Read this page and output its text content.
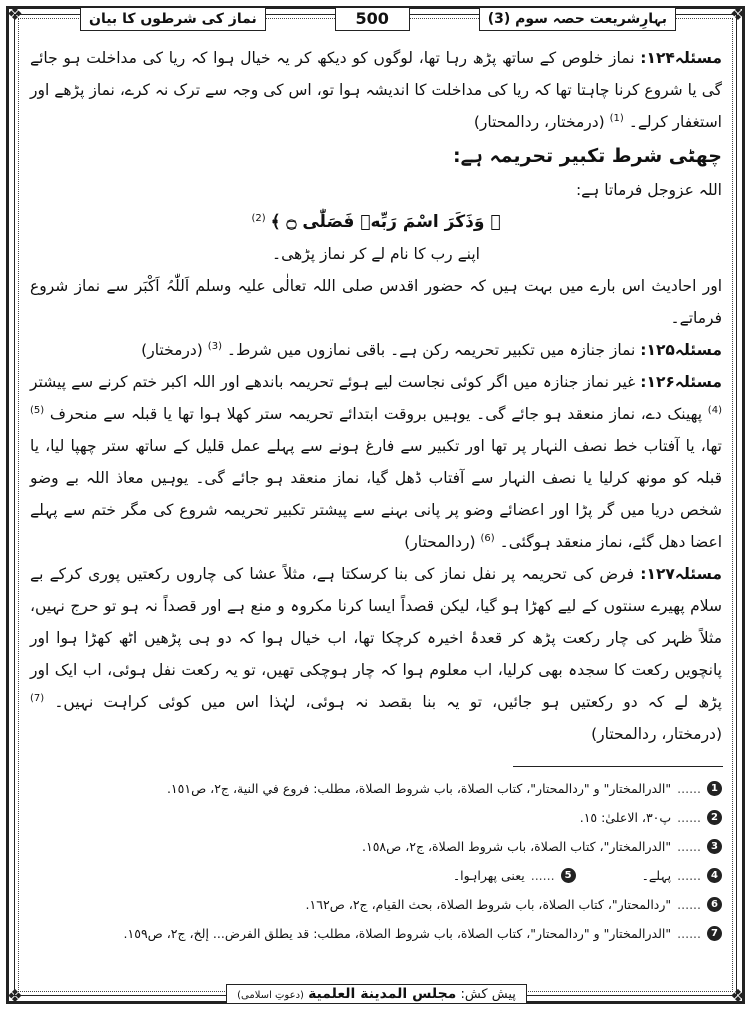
❖	❖
❖	❖
بہارِشریعت حصہ سوم (3)
500
نماز کی شرطوں کا بیان

مسئلہ۱۲۴: نماز خلوص کے ساتھ پڑھ رہا تھا، لوگوں کو دیکھ کر یہ خیال ہوا کہ ریا کی مداخلت ہو جائے گی یا شروع کرنا چاہتا تھا کہ ریا کی مداخلت کا اندیشہ ہوا تو، اس کی وجہ سے ترک نہ کرے، نماز پڑھے اور استغفار کرلے۔ $^{(1)}$ (درمختار، ردالمحتار)

چھٹی شرط تکبیر تحریمہ ہے:

اللہ عزوجل فرماتا ہے:

﴿ وَذَكَرَ اسْمَ رَبِّهٖ فَصَلّٰى ۝ ﴾ $^{(2)}$

اپنے رب کا نام لے کر نماز پڑھی۔

اور احادیث اس بارے میں بہت ہیں کہ حضور اقدس صلی اللہ تعالٰی علیہ وسلم اَللّٰہُ اَکْبَر سے نماز شروع فرماتے۔

مسئلہ۱۲۵: نماز جنازہ میں تکبیر تحریمہ رکن ہے۔ باقی نمازوں میں شرط۔ $^{(3)}$ (درمختار)

مسئلہ۱۲۶: غیر نماز جنازہ میں اگر کوئی نجاست لیے ہوئے تحریمہ باندھے اور اللہ اکبر ختم کرنے سے پیشتر $^{(4)}$ پھینک دے، نماز منعقد ہو جائے گی۔ یوہیں بروقت ابتدائے تحریمہ ستر کھلا ہوا تھا یا قبلہ سے منحرف $^{(5)}$ تھا، یا آفتاب خط نصف النہار پر تھا اور تکبیر سے فارغ ہونے سے پہلے عمل قلیل کے ساتھ ستر چھپا لیا، یا قبلہ کو مونھ کرلیا یا نصف النہار سے آفتاب ڈھل گیا، نماز منعقد ہو جائے گی۔ یوہیں معاذ اللہ بے وضو شخص دریا میں گر پڑا اور اعضائے وضو پر پانی بہنے سے پیشتر تکبیر تحریمہ شروع کی مگر ختم سے پہلے اعضا دھل گئے، نماز منعقد ہوگئی۔ $^{(6)}$ (ردالمحتار)

مسئلہ۱۲۷: فرض کی تحریمہ پر نفل نماز کی بنا کرسکتا ہے، مثلاً عشا کی چاروں رکعتیں پوری کرکے بے سلام پھیرے سنتوں کے لیے کھڑا ہو گیا، لیکن قصداً ایسا کرنا مکروہ و منع ہے اور قصداً نہ ہو تو حرج نہیں، مثلاً ظہر کی چار رکعت پڑھ کر قعدۂ اخیرہ کرچکا تھا، اب خیال ہوا کہ دو ہی پڑھیں اٹھ کھڑا ہوا اور پانچویں رکعت کا سجدہ بھی کرلیا، اب معلوم ہوا کہ چار ہوچکی تھیں، تو یہ رکعت نفل ہوئی، اب ایک اور پڑھ لے کہ دو رکعتیں ہو جائیں، تو یہ بنا بقصد نہ ہوئی، لہٰذا اس میں کوئی کراہت نہیں۔ $^{(7)}$ (درمختار، ردالمحتار)

1
......
"الدرالمختار" و "ردالمحتار"، كتاب الصلاة، باب شروط الصلاة، مطلب: فروع في النية، ج٢، ص١٥١.
2
......
پ٣٠، الاعلیٰ: ١٥.
3
......
"الدرالمختار"، كتاب الصلاة، باب شروط الصلاة، ج٢، ص١٥٨.
4
......
پہلے۔
5
......
یعنی پھراہوا۔
6
......
"ردالمحتار"، كتاب الصلاة، باب شروط الصلاة، بحث القيام، ج٢، ص١٦٢.
7
......
"الدرالمختار" و "ردالمحتار"، كتاب الصلاة، باب شروط الصلاة، مطلب: قد يطلق الفرض... إلخ، ج٢، ص١٥٩.
پیش کش: مجلس المدينة العلمية (دعوتِ اسلامی)
